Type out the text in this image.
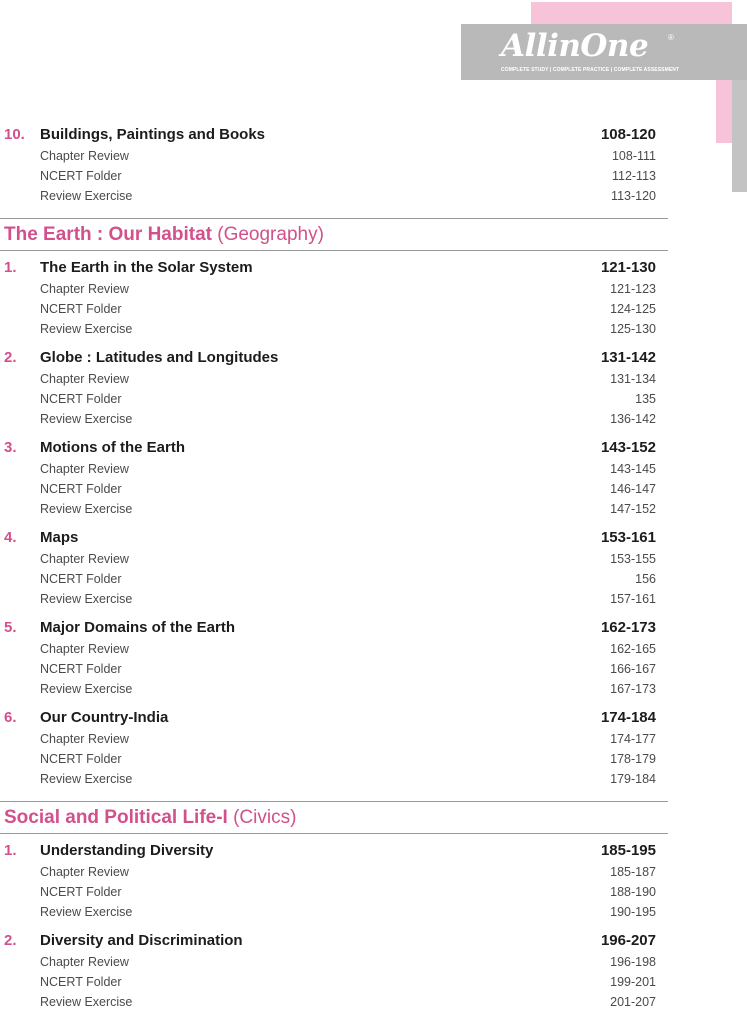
AllinOne ®
COMPLETE STUDY | COMPLETE PRACTICE | COMPLETE ASSESSMENT
10. Buildings, Paintings and Books	108-120
Chapter Review	108-111
NCERT Folder	112-113
Review Exercise	113-120
The Earth : Our Habitat (Geography)
1. The Earth in the Solar System	121-130
Chapter Review	121-123
NCERT Folder	124-125
Review Exercise	125-130
2. Globe : Latitudes and Longitudes	131-142
Chapter Review	131-134
NCERT Folder	135
Review Exercise	136-142
3. Motions of the Earth	143-152
Chapter Review	143-145
NCERT Folder	146-147
Review Exercise	147-152
4. Maps	153-161
Chapter Review	153-155
NCERT Folder	156
Review Exercise	157-161
5. Major Domains of the Earth	162-173
Chapter Review	162-165
NCERT Folder	166-167
Review Exercise	167-173
6. Our Country-India	174-184
Chapter Review	174-177
NCERT Folder	178-179
Review Exercise	179-184
Social and Political Life-I (Civics)
1. Understanding Diversity	185-195
Chapter Review	185-187
NCERT Folder	188-190
Review Exercise	190-195
2. Diversity and Discrimination	196-207
Chapter Review	196-198
NCERT Folder	199-201
Review Exercise	201-207
